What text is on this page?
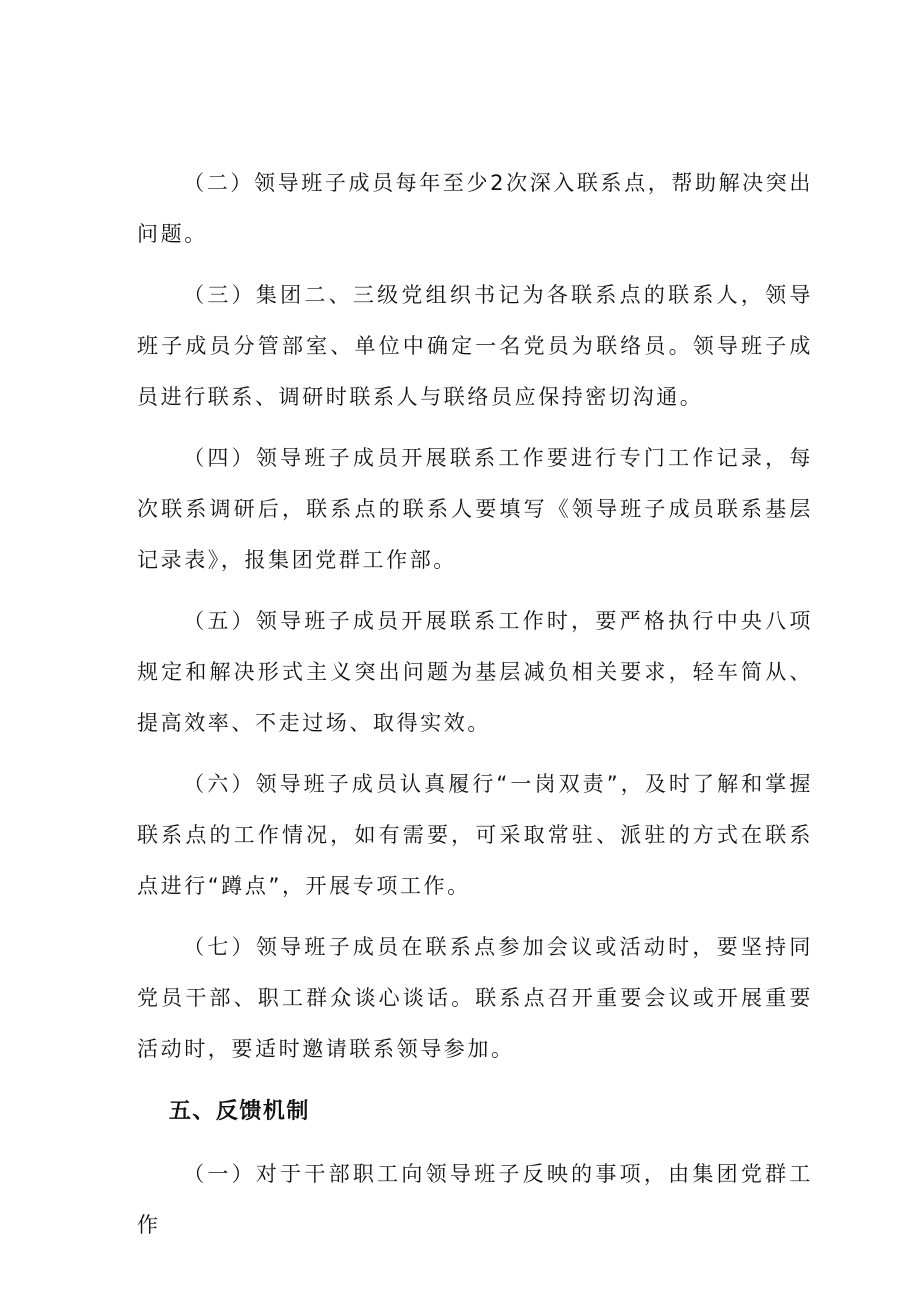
（二）领导班子成员每年至少2次深入联系点，帮助解决突出问题。

（三）集团二、三级党组织书记为各联系点的联系人，领导班子成员分管部室、单位中确定一名党员为联络员。领导班子成员进行联系、调研时联系人与联络员应保持密切沟通。

（四）领导班子成员开展联系工作要进行专门工作记录，每次联系调研后，联系点的联系人要填写《领导班子成员联系基层记录表》，报集团党群工作部。

（五）领导班子成员开展联系工作时，要严格执行中央八项规定和解决形式主义突出问题为基层减负相关要求，轻车简从、提高效率、不走过场、取得实效。

（六）领导班子成员认真履行“一岗双责”，及时了解和掌握联系点的工作情况，如有需要，可采取常驻、派驻的方式在联系点进行“蹲点”，开展专项工作。

（七）领导班子成员在联系点参加会议或活动时，要坚持同党员干部、职工群众谈心谈话。联系点召开重要会议或开展重要活动时，要适时邀请联系领导参加。

五、反馈机制

（一）对于干部职工向领导班子反映的事项，由集团党群工作
